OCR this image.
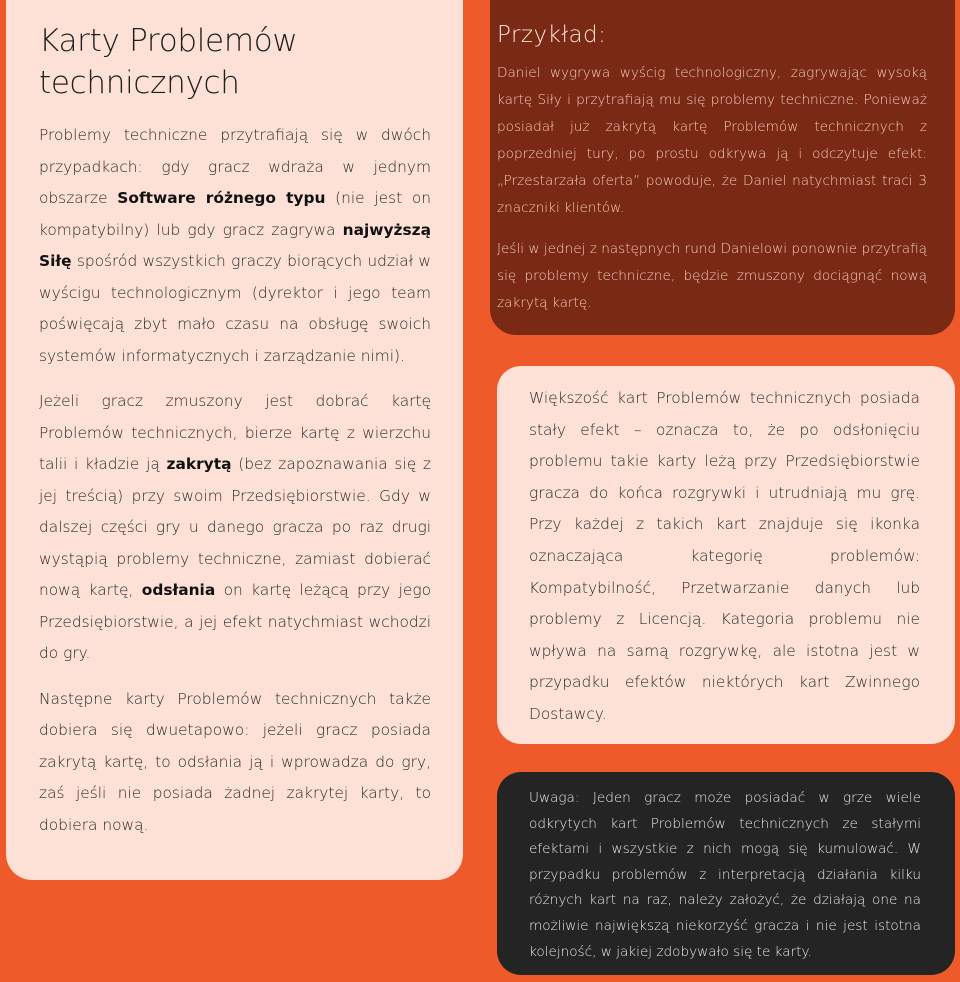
Karty Problemów
technicznych

Problemy techniczne przytrafiają się w dwóch przypadkach: gdy gracz wdraża w jednym obszarze Software różnego typu (nie jest on kompatybilny) lub gdy gracz zagrywa najwyższą Siłę spośród wszystkich graczy biorących udział w wyścigu technologicznym (dyrektor i jego team poświęcają zbyt mało czasu na obsługę swoich systemów informatycznych i zarządzanie nimi).

Jeżeli gracz zmuszony jest dobrać kartę Problemów technicznych, bierze kartę z wierzchu talii i kładzie ją zakrytą (bez zapoznawania się z jej treścią) przy swoim Przedsiębiorstwie. Gdy w dalszej części gry u danego gracza po raz drugi wystąpią problemy techniczne, zamiast dobierać nową kartę, odsłania on kartę leżącą przy jego Przedsiębiorstwie, a jej efekt natychmiast wchodzi do gry.

Następne karty Problemów technicznych także dobiera się dwuetapowo: jeżeli gracz posiada zakrytą kartę, to odsłania ją i wprowadza do gry, zaś jeśli nie posiada żadnej zakrytej karty, to dobiera nową.

Przykład:

Daniel wygrywa wyścig technologiczny, zagrywając wysoką kartę Siły i przytrafiają mu się problemy techniczne. Ponieważ posiadał już zakrytą kartę Problemów technicznych z poprzedniej tury, po prostu odkrywa ją i odczytuje efekt: „Przestarzała oferta” powoduje, że Daniel natychmiast traci 3 znaczniki klientów.

Jeśli w jednej z następnych rund Danielowi ponownie przytrafią się problemy techniczne, będzie zmuszony dociągnąć nową zakrytą kartę.

Większość kart Problemów technicznych posiada stały efekt – oznacza to, że po odsłonięciu problemu takie karty leżą przy Przedsiębiorstwie gracza do końca rozgrywki i utrudniają mu grę. Przy każdej z takich kart znajduje się ikonka oznaczająca kategorię problemów: Kompatybilność, Przetwarzanie danych lub problemy z Licencją. Kategoria problemu nie wpływa na samą rozgrywkę, ale istotna jest w przypadku efektów niektórych kart Zwinnego Dostawcy.

Uwaga: Jeden gracz może posiadać w grze wiele odkrytych kart Problemów technicznych ze stałymi efektami i wszystkie z nich mogą się kumulować. W przypadku problemów z interpretacją działania kilku różnych kart na raz, należy założyć, że działają one na możliwie największą niekorzyść gracza i nie jest istotna kolejność, w jakiej zdobywało się te karty.
